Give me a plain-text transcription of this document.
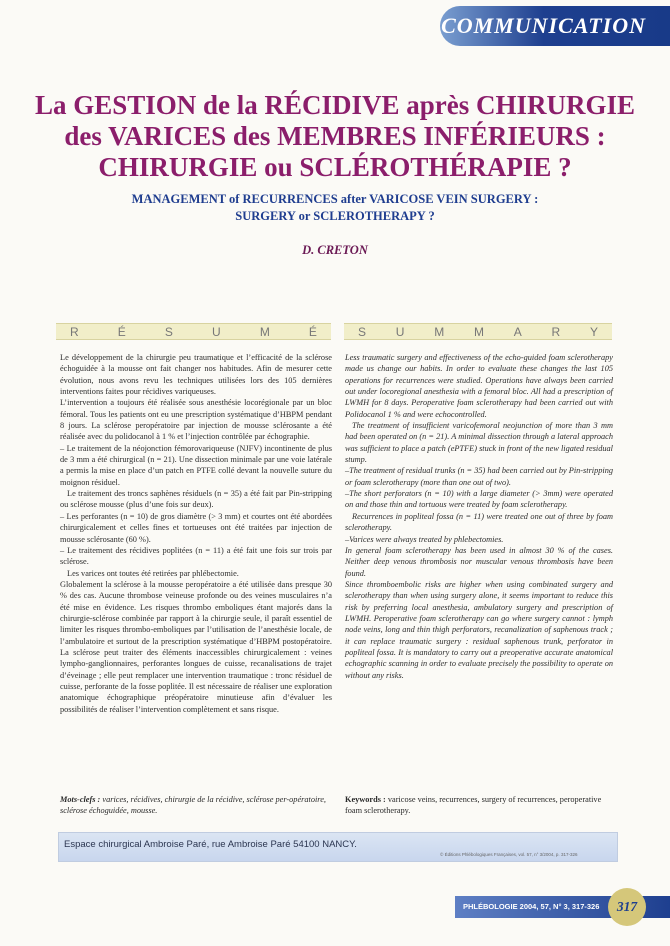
COMMUNICATION
La GESTION de la RÉCIDIVE après CHIRURGIE
des VARICES des MEMBRES INFÉRIEURS :
CHIRURGIE ou SCLÉROTHÉRAPIE ?
MANAGEMENT of RECURRENCES after VARICOSE VEIN SURGERY :
SURGERY or SCLEROTHERAPY ?
D. CRETON
R	É	S	U	M	É	S U M M A R Y

Le développement de la chirurgie peu traumatique et l’efficacité de la sclérose échoguidée à la mousse ont fait changer nos habitudes. Afin de mesurer cette évolution, nous avons revu les techniques utilisées lors des 105 dernières interventions faites pour récidives variqueuses.

L’intervention a toujours été réalisée sous anesthésie locorégionale par un bloc fémoral. Tous les patients ont eu une prescription systématique d’HBPM pendant 8 jours. La sclérose peropératoire par injection de mousse sclérosante a été réalisée avec du polidocanol à 1 % et l’injection contrôlée par échographie.

– Le traitement de la néojonction fémorovariqueuse (NJFV) incontinente de plus de 3 mm a été chirurgical (n = 21). Une dissection minimale par une voie latérale a permis la mise en place d’un patch en PTFE collé devant la nouvelle suture du moignon résiduel.

Le traitement des troncs saphènes résiduels (n = 35) a été fait par Pin-stripping ou sclérose mousse (plus d’une fois sur deux).

– Les perforantes (n = 10) de gros diamètre (> 3 mm) et courtes ont été abordées chirurgicalement et celles fines et tortueuses ont été traitées par injection de mousse sclérosante (60 %).

– Le traitement des récidives poplitées (n = 11) a été fait une fois sur trois par sclérose.

Les varices ont toutes été retirées par phlébectomie.

Globalement la sclérose à la mousse peropératoire a été utilisée dans presque 30 % des cas. Aucune thrombose veineuse profonde ou des veines musculaires n’a été mise en évidence. Les risques thrombo emboliques étant majorés dans la chirurgie-sclérose combinée par rapport à la chirurgie seule, il paraît essentiel de limiter les risques thrombo-emboliques par l’utilisation de l’anesthésie locale, de l’ambulatoire et surtout de la prescription systématique d’HBPM postopératoire. La sclérose peut traiter des éléments inaccessibles chirurgicalement : veines lympho-ganglionnaires, perforantes longues de cuisse, recanalisations de trajet d’éveinage ; elle peut remplacer une intervention traumatique : tronc résiduel de cuisse, perforante de la fosse poplitée. Il est nécessaire de réaliser une exploration anatomique échographique préopératoire minutieuse afin d’évaluer les possibilités de réaliser l’intervention complètement et sans risque.

Less traumatic surgery and effectiveness of the echo-guided foam sclerotherapy made us change our habits. In order to evaluate these changes the last 105 operations for recurrences were studied. Operations have always been carried out under locoregional anesthesia with a femoral bloc. All had a prescription of LWMH for 8 days. Peroperative foam sclerotherapy had been carried out with Polidocanol 1 % and were echocontrolled.

The treatment of insufficient varicofemoral neojunction of more than 3 mm had been operated on (n = 21). A minimal dissection through a lateral approach was sufficient to place a patch (ePTFE) stuck in front of the new ligated residual stump.

–The treatment of residual trunks (n = 35) had been carried out by Pin-stripping or foam sclerotherapy (more than one out of two).

–The short perforators (n = 10) with a large diameter (> 3mm) were operated on and those thin and tortuous were treated by foam sclerotherapy.

Recurrences in popliteal fossa (n = 11) were treated one out of three by foam sclerotherapy.

–Varices were always treated by phlebectomies.

In general foam sclerotherapy has been used in almost 30 % of the cases. Neither deep venous thrombosis nor muscular venous thrombosis have been found.

Since thromboembolic risks are higher when using combinated surgery and sclerotherapy than when using surgery alone, it seems important to reduce this risk by preferring local anesthesia, ambulatory surgery and prescription of LWMH. Peroperative foam sclerotherapy can go where surgery cannot : lymph node veins, long and thin thigh perforators, recanalization of saphenous track ; it can replace traumatic surgery : residual saphenous trunk, perforator in popliteal fossa. It is mandatory to carry out a preoperative accurate anatomical echographic scanning in order to evaluate precisely the possibility to operate on without any risks.

Mots-clefs : varices, récidives, chirurgie de la récidive, sclérose per-opératoire, sclérose échoguidée, mousse.
Keywords : varicose veins, recurrences, surgery of recurrences, peroperative foam sclerotherapy.
Espace chirurgical Ambroise Paré, rue Ambroise Paré 54100 NANCY.
© Éditions Phlébologiques Françaises, vol. 57, n° 3/2004, p. 317-326
PHLÉBOLOGIE 2004, 57, N° 3, 317-326	317
